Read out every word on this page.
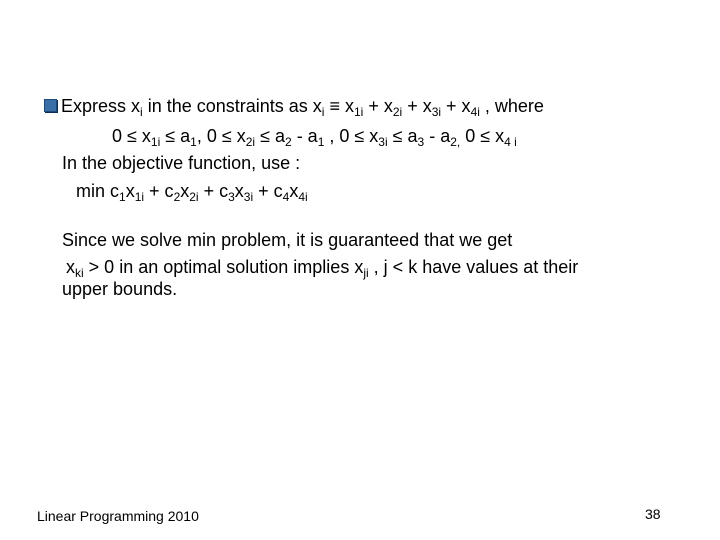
Express $x_i$ in the constraints as $x_i \equiv x_{1i} + x_{2i} + x_{3i} + x_{4i}$ , where
$0 \le x_{1i} \le a_1$, $0 \le x_{2i} \le a_2 - a_1$ , $0 \le x_{3i} \le a_3 - a_{2,}$ $0 \le x_{4 i}$
In the objective function, use :
$\min c_1x_{1i} + c_2x_{2i} + c_3x_{3i} + c_4x_{4i}$
Since we solve min problem, it is guaranteed that we get
$x_{ki} > 0$ in an optimal solution implies $x_{ji}$ , j < k have values at their
upper bounds.
Linear Programming 2010	38
